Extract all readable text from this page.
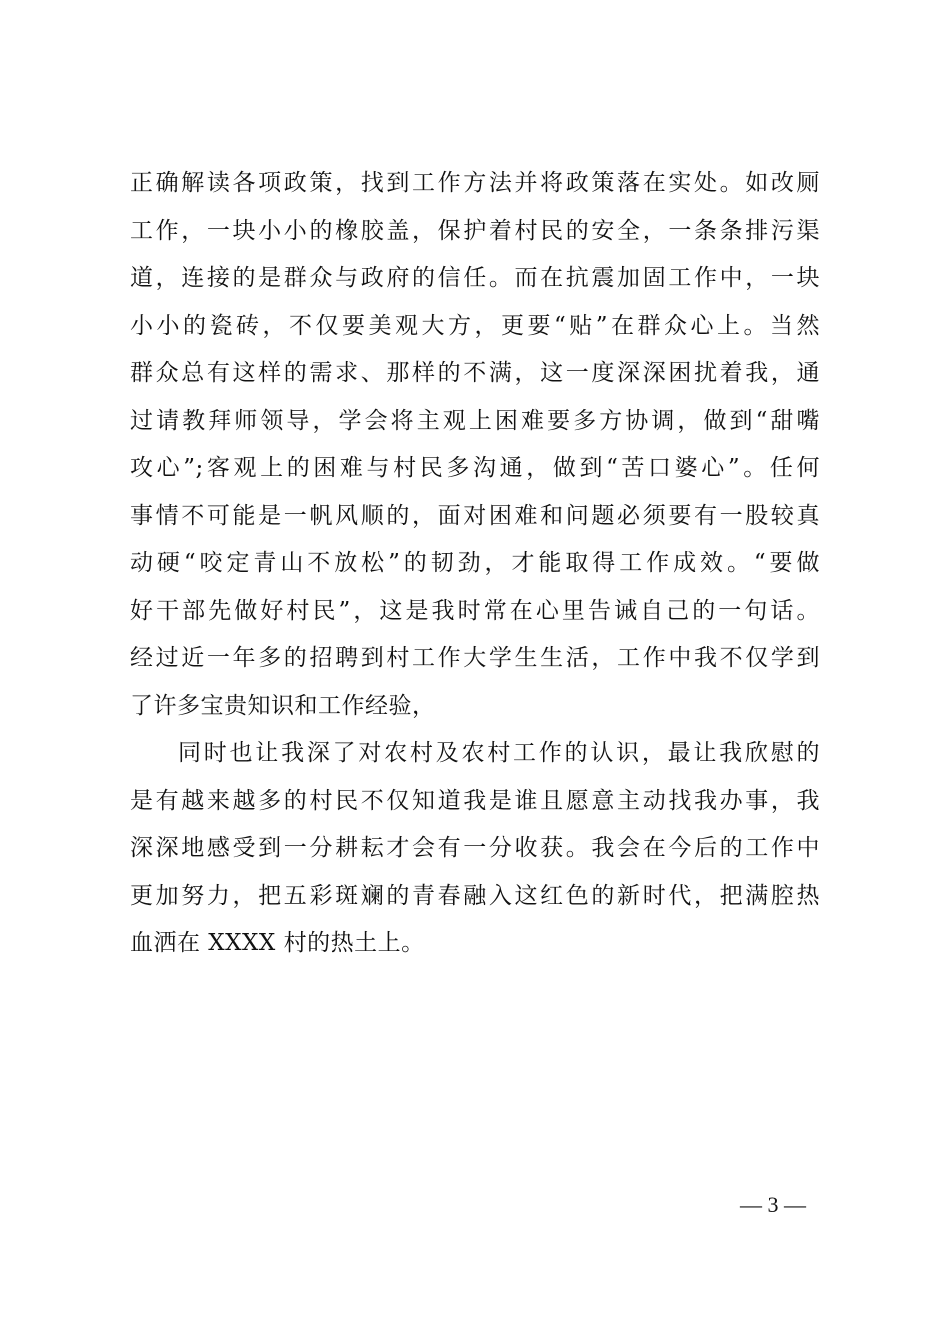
正确解读各项政策，找到工作方法并将政策落在实处。如改厕
工作，一块小小的橡胶盖，保护着村民的安全，一条条排污渠
道，连接的是群众与政府的信任。而在抗震加固工作中，一块
小小的瓷砖，不仅要美观大方，更要“贴”在群众心上。当然
群众总有这样的需求、那样的不满，这一度深深困扰着我，通
过请教拜师领导，学会将主观上困难要多方协调，做到“甜嘴
攻心”;客观上的困难与村民多沟通，做到“苦口婆心”。任何
事情不可能是一帆风顺的，面对困难和问题必须要有一股较真
动硬“咬定青山不放松”的韧劲，才能取得工作成效。“要做
好干部先做好村民”，这是我时常在心里告诫自己的一句话。
经过近一年多的招聘到村工作大学生生活，工作中我不仅学到
了许多宝贵知识和工作经验，
同时也让我深了对农村及农村工作的认识，最让我欣慰的
是有越来越多的村民不仅知道我是谁且愿意主动找我办事，我
深深地感受到一分耕耘才会有一分收获。我会在今后的工作中
更加努力，把五彩斑斓的青春融入这红色的新时代，把满腔热
血洒在 XXXX 村的热土上。
— 3 —
